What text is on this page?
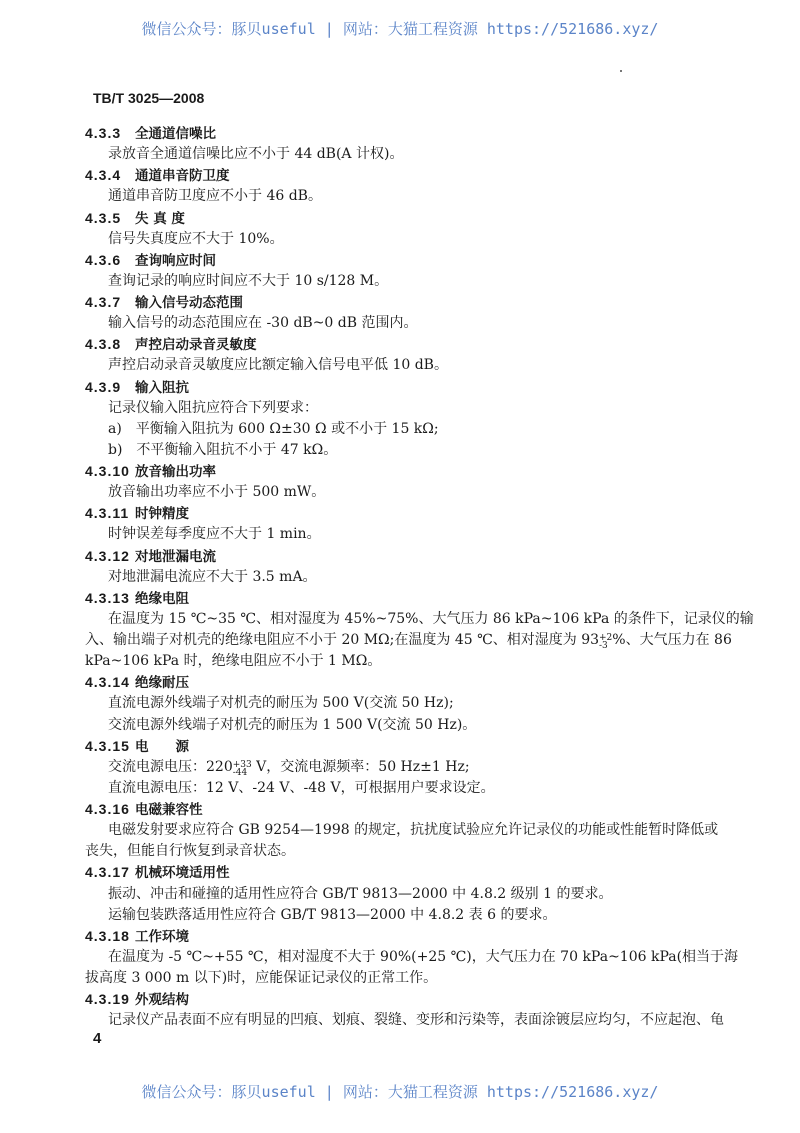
微信公众号：豚贝useful | 网站：大猫工程资源 https://521686.xyz/
TB/T 3025—2008
4.3.3 全通道信噪比
录放音全通道信噪比应不小于 44 dB(A 计权)。
4.3.4 通道串音防卫度
通道串音防卫度应不小于 46 dB。
4.3.5 失 真 度
信号失真度应不大于 10%。
4.3.6 查询响应时间
查询记录的响应时间应不大于 10 s/128 M。
4.3.7 输入信号动态范围
输入信号的动态范围应在 -30 dB~0 dB 范围内。
4.3.8 声控启动录音灵敏度
声控启动录音灵敏度应比额定输入信号电平低 10 dB。
4.3.9 输入阻抗
记录仪输入阻抗应符合下列要求：
a)　平衡输入阻抗为 600 Ω±30 Ω 或不小于 15 kΩ;
b)　不平衡输入阻抗不小于 47 kΩ。
4.3.10 放音输出功率
放音输出功率应不小于 500 mW。
4.3.11 时钟精度
时钟误差每季度应不大于 1 min。
4.3.12 对地泄漏电流
对地泄漏电流应不大于 3.5 mA。
4.3.13 绝缘电阻
在温度为 15 ℃~35 ℃、相对湿度为 45%~75%、大气压力 86 kPa~106 kPa 的条件下，记录仪的输
入、输出端子对机壳的绝缘电阻应不小于 20 MΩ;在温度为 45 ℃、相对湿度为 93 +2
-3 %、大气压力在 86
kPa~106 kPa 时，绝缘电阻应不小于 1 MΩ。
4.3.14 绝缘耐压
直流电源外线端子对机壳的耐压为 500 V(交流 50 Hz);
交流电源外线端子对机壳的耐压为 1 500 V(交流 50 Hz)。
4.3.15 电　　源
交流电源电压：220 +33
-44 V，交流电源频率：50 Hz±1 Hz;
直流电源电压：12 V、-24 V、-48 V，可根据用户要求设定。
4.3.16 电磁兼容性
电磁发射要求应符合 GB 9254—1998 的规定，抗扰度试验应允许记录仪的功能或性能暂时降低或
丧失，但能自行恢复到录音状态。
4.3.17 机械环境适用性
振动、冲击和碰撞的适用性应符合 GB/T 9813—2000 中 4.8.2 级别 1 的要求。
运输包装跌落适用性应符合 GB/T 9813—2000 中 4.8.2 表 6 的要求。
4.3.18 工作环境
在温度为 -5 ℃~+55 ℃，相对湿度不大于 90%(+25 ℃)，大气压力在 70 kPa~106 kPa(相当于海
拔高度 3 000 m 以下)时，应能保证记录仪的正常工作。
4.3.19 外观结构
记录仪产品表面不应有明显的凹痕、划痕、裂缝、变形和污染等，表面涂镀层应均匀，不应起泡、龟
4
微信公众号：豚贝useful | 网站：大猫工程资源 https://521686.xyz/
